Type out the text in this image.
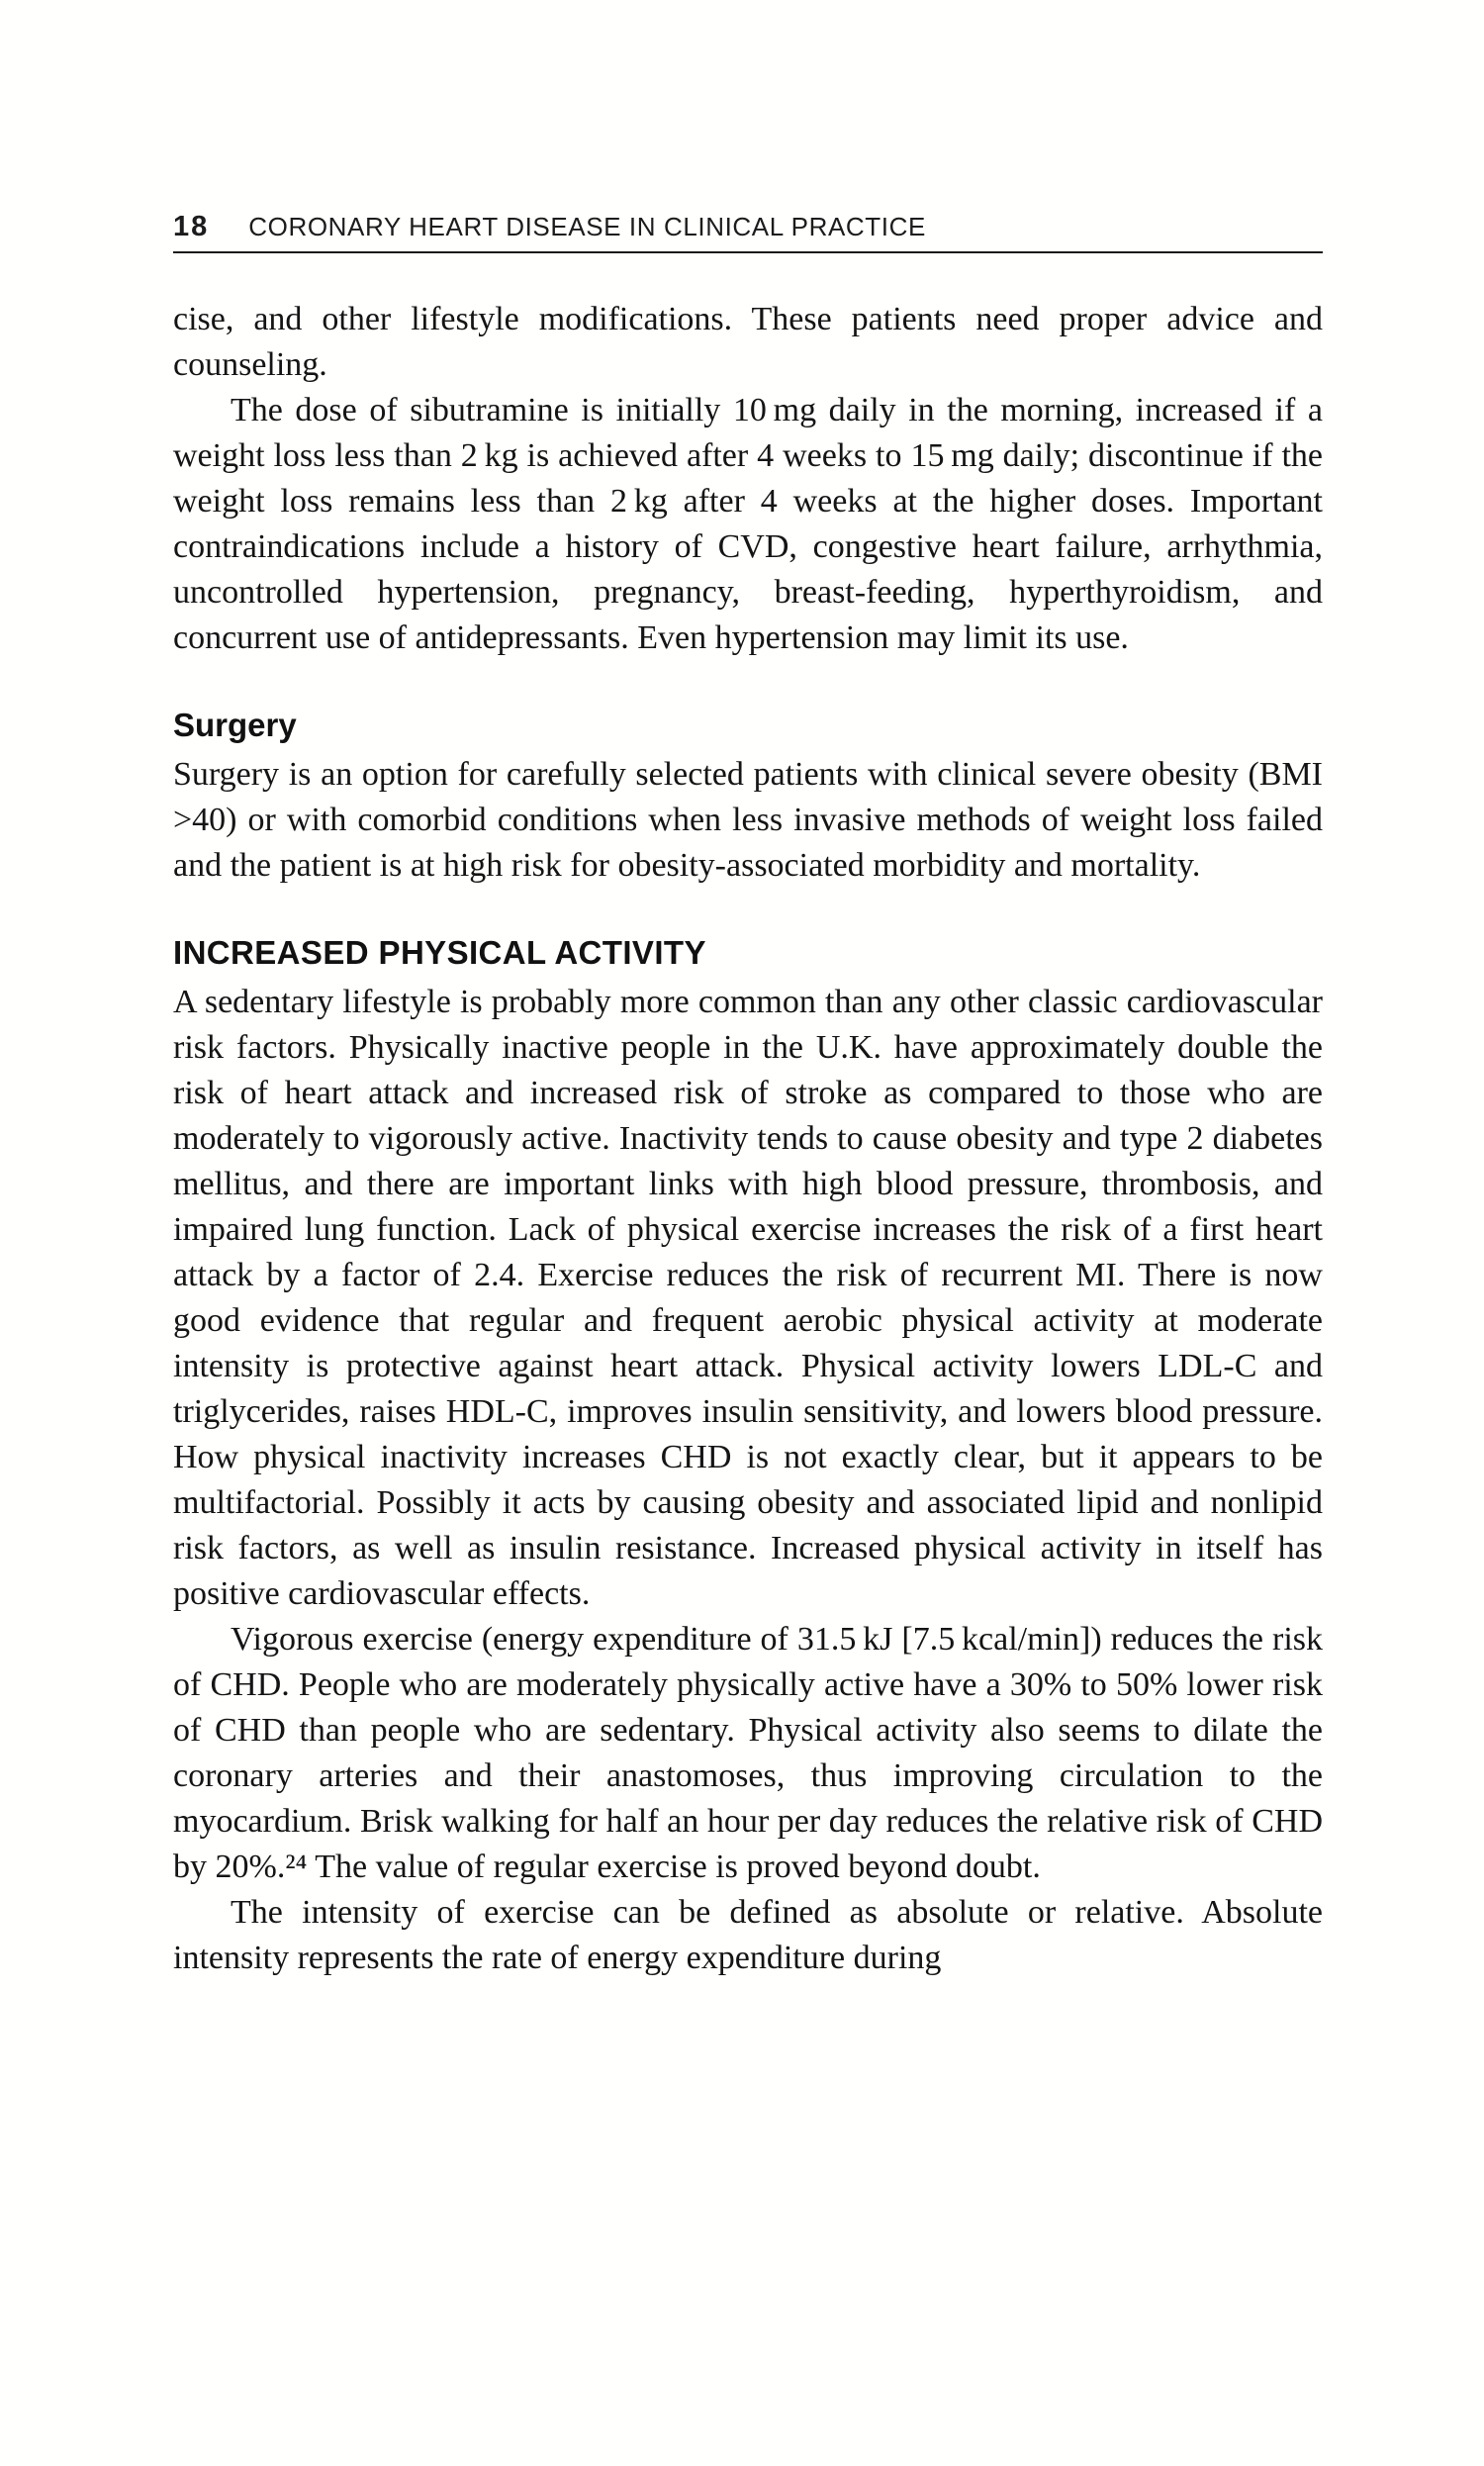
18 CORONARY HEART DISEASE IN CLINICAL PRACTICE

cise, and other lifestyle modifications. These patients need proper advice and counseling.

The dose of sibutramine is initially 10 mg daily in the morning, increased if a weight loss less than 2 kg is achieved after 4 weeks to 15 mg daily; discontinue if the weight loss remains less than 2 kg after 4 weeks at the higher doses. Important contraindications include a history of CVD, congestive heart failure, arrhythmia, uncontrolled hypertension, pregnancy, breast-feeding, hyperthyroidism, and concurrent use of antidepressants. Even hypertension may limit its use.

Surgery

Surgery is an option for carefully selected patients with clinical severe obesity (BMI >40) or with comorbid conditions when less invasive methods of weight loss failed and the patient is at high risk for obesity-associated morbidity and mortality.

INCREASED PHYSICAL ACTIVITY

A sedentary lifestyle is probably more common than any other classic cardiovascular risk factors. Physically inactive people in the U.K. have approximately double the risk of heart attack and increased risk of stroke as compared to those who are moderately to vigorously active. Inactivity tends to cause obesity and type 2 diabetes mellitus, and there are important links with high blood pressure, thrombosis, and impaired lung function. Lack of physical exercise increases the risk of a first heart attack by a factor of 2.4. Exercise reduces the risk of recurrent MI. There is now good evidence that regular and frequent aerobic physical activity at moderate intensity is protective against heart attack. Physical activity lowers LDL-C and triglycerides, raises HDL-C, improves insulin sensitivity, and lowers blood pressure. How physical inactivity increases CHD is not exactly clear, but it appears to be multifactorial. Possibly it acts by causing obesity and associated lipid and nonlipid risk factors, as well as insulin resistance. Increased physical activity in itself has positive cardiovascular effects.

Vigorous exercise (energy expenditure of 31.5 kJ [7.5 kcal/min]) reduces the risk of CHD. People who are moderately physically active have a 30% to 50% lower risk of CHD than people who are sedentary. Physical activity also seems to dilate the coronary arteries and their anastomoses, thus improving circulation to the myocardium. Brisk walking for half an hour per day reduces the relative risk of CHD by 20%.²⁴ The value of regular exercise is proved beyond doubt.

The intensity of exercise can be defined as absolute or relative. Absolute intensity represents the rate of energy expenditure during
